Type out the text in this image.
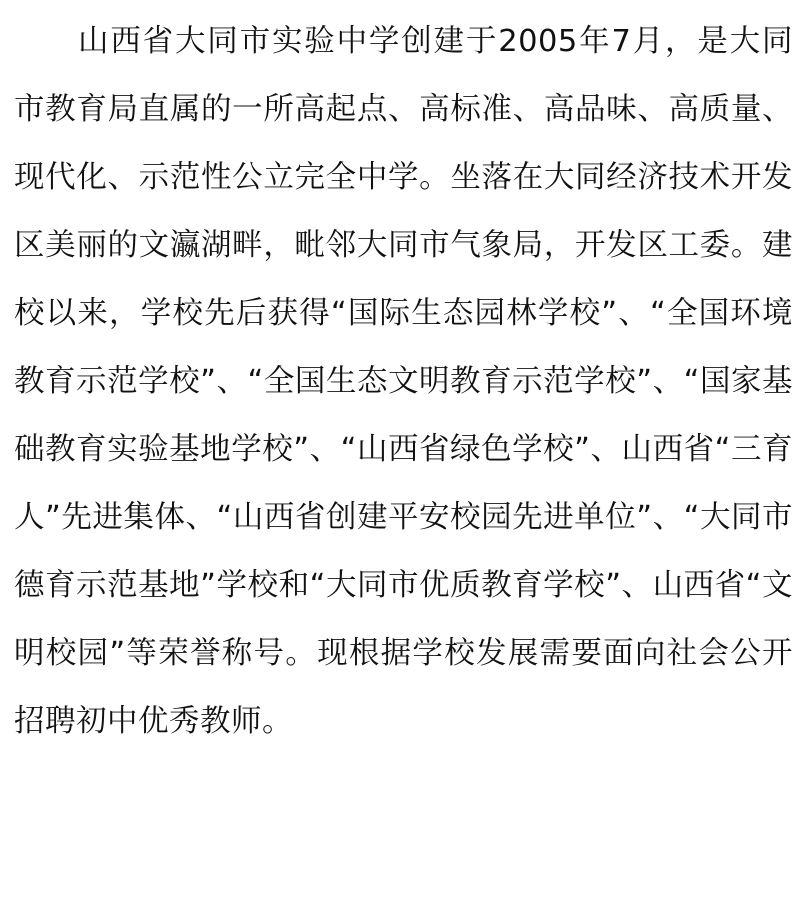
山西省大同市实验中学创建于2005年7月，是大同市教育局直属的一所高起点、高标准、高品味、高质量、现代化、示范性公立完全中学。坐落在大同经济技术开发区美丽的文瀛湖畔，毗邻大同市气象局，开发区工委。建校以来，学校先后获得“国际生态园林学校”、“全国环境教育示范学校”、“全国生态文明教育示范学校”、“国家基础教育实验基地学校”、“山西省绿色学校”、山西省“三育人”先进集体、“山西省创建平安校园先进单位”、“大同市德育示范基地”学校和“大同市优质教育学校”、山西省“文明校园”等荣誉称号。现根据学校发展需要面向社会公开招聘初中优秀教师。
